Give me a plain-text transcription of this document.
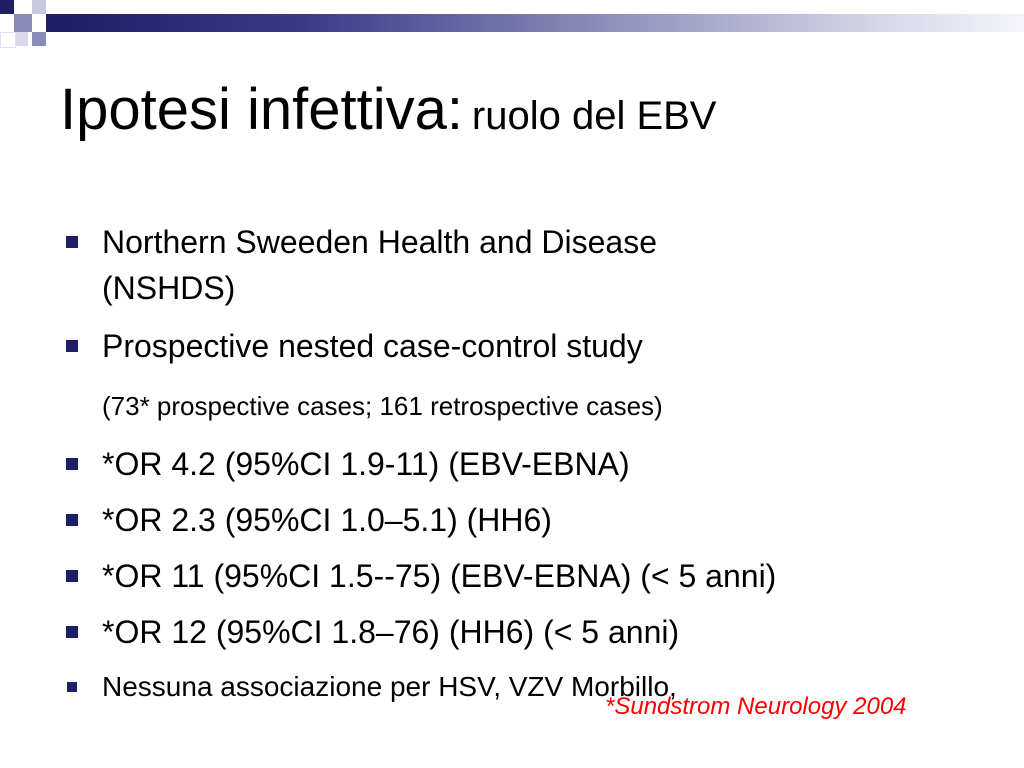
Ipotesi infettiva: ruolo del EBV
Northern Sweeden Health and Disease
(NSHDS)
Prospective nested case-control study
(73* prospective cases; 161 retrospective cases)
*OR 4.2 (95%CI 1.9-11) (EBV-EBNA)
*OR 2.3 (95%CI 1.0–5.1) (HH6)
*OR 11 (95%CI 1.5--75) (EBV-EBNA) (< 5 anni)
*OR 12 (95%CI 1.8–76) (HH6) (< 5 anni)
Nessuna associazione per HSV, VZV Morbillo,
*Sundstrom Neurology 2004
